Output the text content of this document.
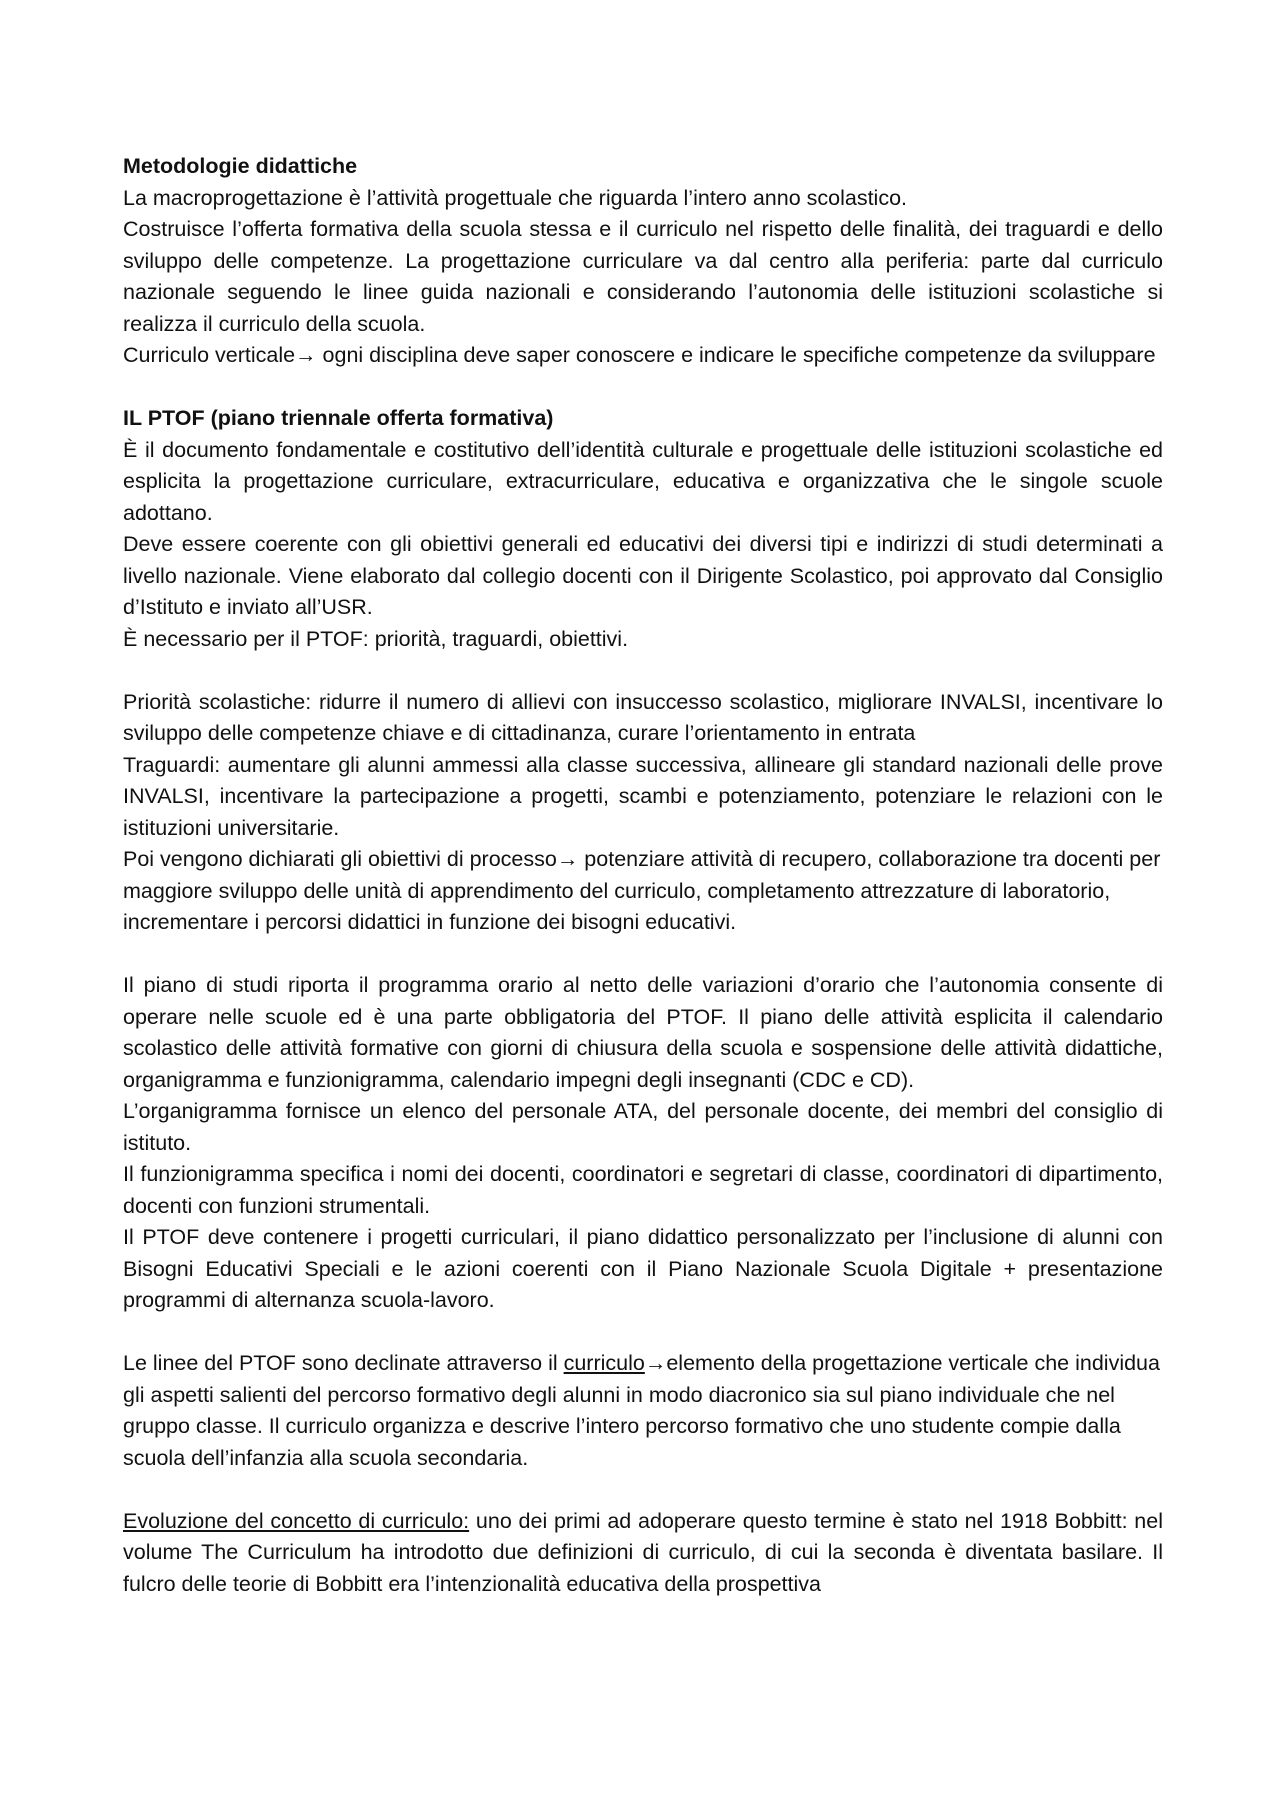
Metodologie didattiche

La macroprogettazione è l’attività progettuale che riguarda l’intero anno scolastico.

Costruisce l’offerta formativa della scuola stessa e il curriculo nel rispetto delle finalità, dei traguardi e dello sviluppo delle competenze. La progettazione curriculare va dal centro alla periferia: parte dal curriculo nazionale seguendo le linee guida nazionali e considerando l’autonomia delle istituzioni scolastiche si realizza il curriculo della scuola.

Curriculo verticale→ ogni disciplina deve saper conoscere e indicare le specifiche competenze da sviluppare

IL PTOF (piano triennale offerta formativa)

È il documento fondamentale e costitutivo dell’identità culturale e progettuale delle istituzioni scolastiche ed esplicita la progettazione curriculare, extracurriculare, educativa e organizzativa che le singole scuole adottano.

Deve essere coerente con gli obiettivi generali ed educativi dei diversi tipi e indirizzi di studi determinati a livello nazionale. Viene elaborato dal collegio docenti con il Dirigente Scolastico, poi approvato dal Consiglio d’Istituto e inviato all’USR.

È necessario per il PTOF: priorità, traguardi, obiettivi.

Priorità scolastiche: ridurre il numero di allievi con insuccesso scolastico, migliorare INVALSI, incentivare lo sviluppo delle competenze chiave e di cittadinanza, curare l’orientamento in entrata

Traguardi: aumentare gli alunni ammessi alla classe successiva, allineare gli standard nazionali delle prove INVALSI, incentivare la partecipazione a progetti, scambi e potenziamento, potenziare le relazioni con le istituzioni universitarie.

Poi vengono dichiarati gli obiettivi di processo→ potenziare attività di recupero, collaborazione tra docenti per maggiore sviluppo delle unità di apprendimento del curriculo, completamento attrezzature di laboratorio, incrementare i percorsi didattici in funzione dei bisogni educativi.

Il piano di studi riporta il programma orario al netto delle variazioni d’orario che l’autonomia consente di operare nelle scuole ed è una parte obbligatoria del PTOF. Il piano delle attività esplicita il calendario scolastico delle attività formative con giorni di chiusura della scuola e sospensione delle attività didattiche, organigramma e funzionigramma, calendario impegni degli insegnanti (CDC e CD).

L’organigramma fornisce un elenco del personale ATA, del personale docente, dei membri del consiglio di istituto.

Il funzionigramma specifica i nomi dei docenti, coordinatori e segretari di classe, coordinatori di dipartimento, docenti con funzioni strumentali.

Il PTOF deve contenere i progetti curriculari, il piano didattico personalizzato per l’inclusione di alunni con Bisogni Educativi Speciali e le azioni coerenti con il Piano Nazionale Scuola Digitale + presentazione programmi di alternanza scuola-lavoro.

Le linee del PTOF sono declinate attraverso il curriculo→elemento della progettazione verticale che individua gli aspetti salienti del percorso formativo degli alunni in modo diacronico sia sul piano individuale che nel gruppo classe. Il curriculo organizza e descrive l’intero percorso formativo che uno studente compie dalla scuola dell’infanzia alla scuola secondaria.

Evoluzione del concetto di curriculo: uno dei primi ad adoperare questo termine è stato nel 1918 Bobbitt: nel volume The Curriculum ha introdotto due definizioni di curriculo, di cui la seconda è diventata basilare. Il fulcro delle teorie di Bobbitt era l’intenzionalità educativa della prospettiva
